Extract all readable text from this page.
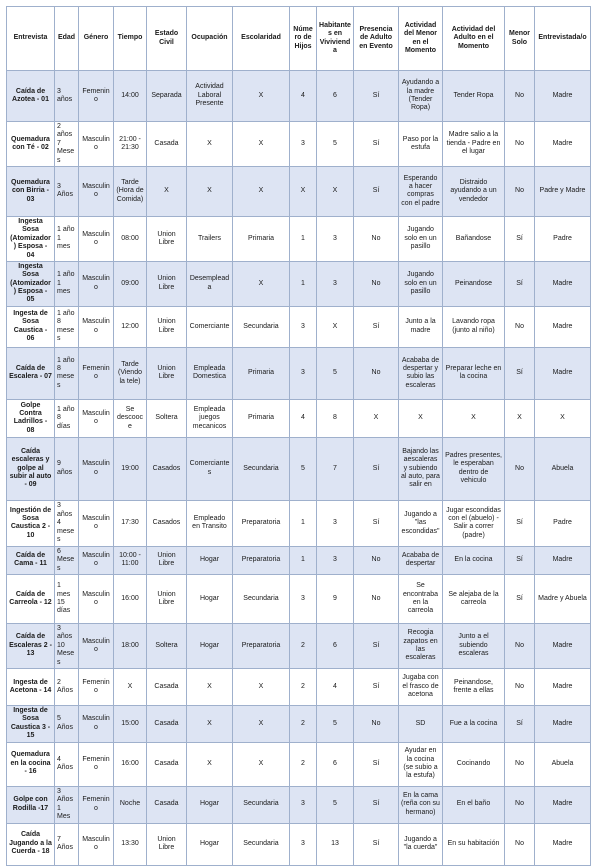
Entrevista	Edad	Género	Tiempo	Estado Civil	Ocupación	Escolaridad	Número de Hijos	Habitantes en Vivivienda	Presencia de Adulto en Evento	Actividad del Menor en el Momento	Actividad del Adulto en el Momento	Menor Solo	Entrevistada/o
Caída de Azotea - 01	3 años	Femenino	14:00	Separada	Actividad Laboral Presente	X	4	6	Sí	Ayudando a la madre (Tender Ropa)	Tender Ropa	No	Madre
Quemadura con Té - 02	2 años 7 Meses	Masculino	21:00 - 21:30	Casada	X	X	3	5	Sí	Paso por la estufa	Madre salio a la tienda - Padre en el lugar	No	Madre
Quemadura con Birria - 03	3 Años	Masculino	Tarde (Hora de Comida)	X	X	X	X	X	Sí	Esperando a hacer compras con el padre	Distraido ayudando a un vendedor	No	Padre y Madre
Ingesta Sosa (Atomizador) Esposa - 04	1 año 1 mes	Masculino	08:00	Union Libre	Trailers	Primaria	1	3	No	Jugando solo en un pasillo	Bañandose	Sí	Padre
Ingesta Sosa (Atomizador) Esposa - 05	1 año 1 mes	Masculino	09:00	Union Libre	Desempleada	X	1	3	No	Jugando solo en un pasillo	Peinandose	Sí	Madre
Ingesta de Sosa Caustica - 06	1 año 8 meses	Masculino	12:00	Union Libre	Comerciante	Secundaria	3	X	Sí	Junto a la madre	Lavando ropa (junto al niño)	No	Madre
Caída de Escalera - 07	1 año 8 meses	Femenino	Tarde (Viendo la tele)	Union Libre	Empleada Domestica	Primaria	3	5	No	Acababa de despertar y subio las escaleras	Preparar leche en la cocina	Sí	Madre
Golpe Contra Ladrillos - 08	1 año 8 días	Masculino	Se descooce	Soltera	Empleada juegos mecanicos	Primaria	4	8	X	X	X	X	X
Caída escaleras y golpe al subir al auto - 09	9 años	Masculino	19:00	Casados	Comerciantes	Secundaria	5	7	Sí	Bajando las aescaleras y subiendo al auto, para salir en	Padres presentes, le esperaban dentro de vehiculo	No	Abuela
Ingestión de Sosa Caustica 2 - 10	3 años 4 meses	Masculino	17:30	Casados	Empleado en Transito	Preparatoria	1	3	Sí	Jugando a "las escondidas"	Jugar escondidas con el (abuelo) - Salir a correr (padre)	Sí	Padre
Caída de Cama - 11	6 Meses	Masculino	10:00 - 11:00	Union Libre	Hogar	Preparatoria	1	3	No	Acababa de despertar	En la cocina	Sí	Madre
Caída de Carreola - 12	1 mes 15 días	Masculino	16:00	Union Libre	Hogar	Secundaria	3	9	No	Se encontraba en la carreola	Se alejaba de la carreola	Sí	Madre y Abuela
Caída de Escaleras 2 - 13	3 años 10 Meses	Masculino	18:00	Soltera	Hogar	Preparatoria	2	6	Sí	Recogia zapatos en las escaleras	Junto a el subiendo escaleras	No	Madre
Ingesta de Acetona - 14	2 Años	Femenino	X	Casada	X	X	2	4	Sí	Jugaba con el frasco de acetona	Peinandose, frente a ellas	No	Madre
Ingesta de Sosa Caustica 3 - 15	5 Años	Masculino	15:00	Casada	X	X	2	5	No	SD	Fue a la cocina	Sí	Madre
Quemadura en la cocina - 16	4 Años	Femenino	16:00	Casada	X	X	2	6	Sí	Ayudar en la cocina (se subio a la estufa)	Cocinando	No	Abuela
Golpe con Rodilla -17	3 Años 1 Mes	Femenino	Noche	Casada	Hogar	Secundaria	3	5	Sí	En la cama (reña con su hermano)	En el baño	No	Madre
Caída Jugando a la Cuerda - 18	7 Años	Masculino	13:30	Union Libre	Hogar	Secundaria	3	13	Sí	Jugando a "la cuerda"	En su habitación	No	Madre
